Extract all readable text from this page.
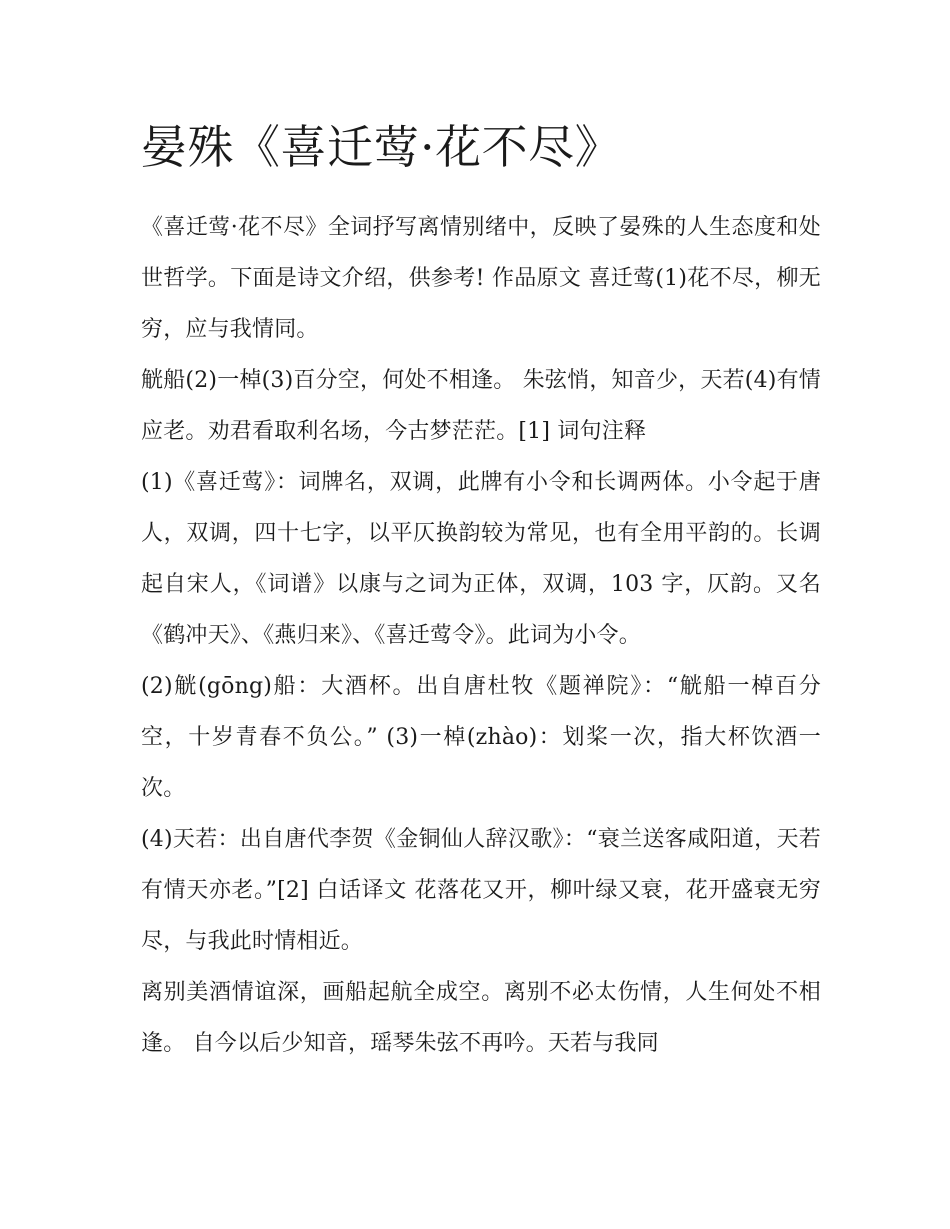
晏殊《喜迁莺·花不尽》

《喜迁莺·花不尽》全词抒写离情别绪中，反映了晏殊的人生态度和处世哲学。下面是诗文介绍，供参考! 作品原文 喜迁莺(1)花不尽，柳无穷，应与我情同。

觥船(2)一棹(3)百分空，何处不相逢。 朱弦悄，知音少，天若(4)有情应老。劝君看取利名场，今古梦茫茫。[1] 词句注释

(1)《喜迁莺》：词牌名，双调，此牌有小令和长调两体。小令起于唐人，双调，四十七字，以平仄换韵较为常见，也有全用平韵的。长调起自宋人，《词谱》以康与之词为正体，双调，103 字，仄韵。又名《鹤冲天》、《燕归来》、《喜迁莺令》。此词为小令。

(2)觥(gōng)船：大酒杯。出自唐杜牧《题禅院》：“觥船一棹百分空，十岁青春不负公。” (3)一棹(zhào)：划桨一次，指大杯饮酒一次。

(4)天若：出自唐代李贺《金铜仙人辞汉歌》：“衰兰送客咸阳道，天若有情天亦老。”[2] 白话译文 花落花又开，柳叶绿又衰，花开盛衰无穷尽，与我此时情相近。

离别美酒情谊深，画船起航全成空。离别不必太伤情，人生何处不相逢。 自今以后少知音，瑶琴朱弦不再吟。天若与我同
